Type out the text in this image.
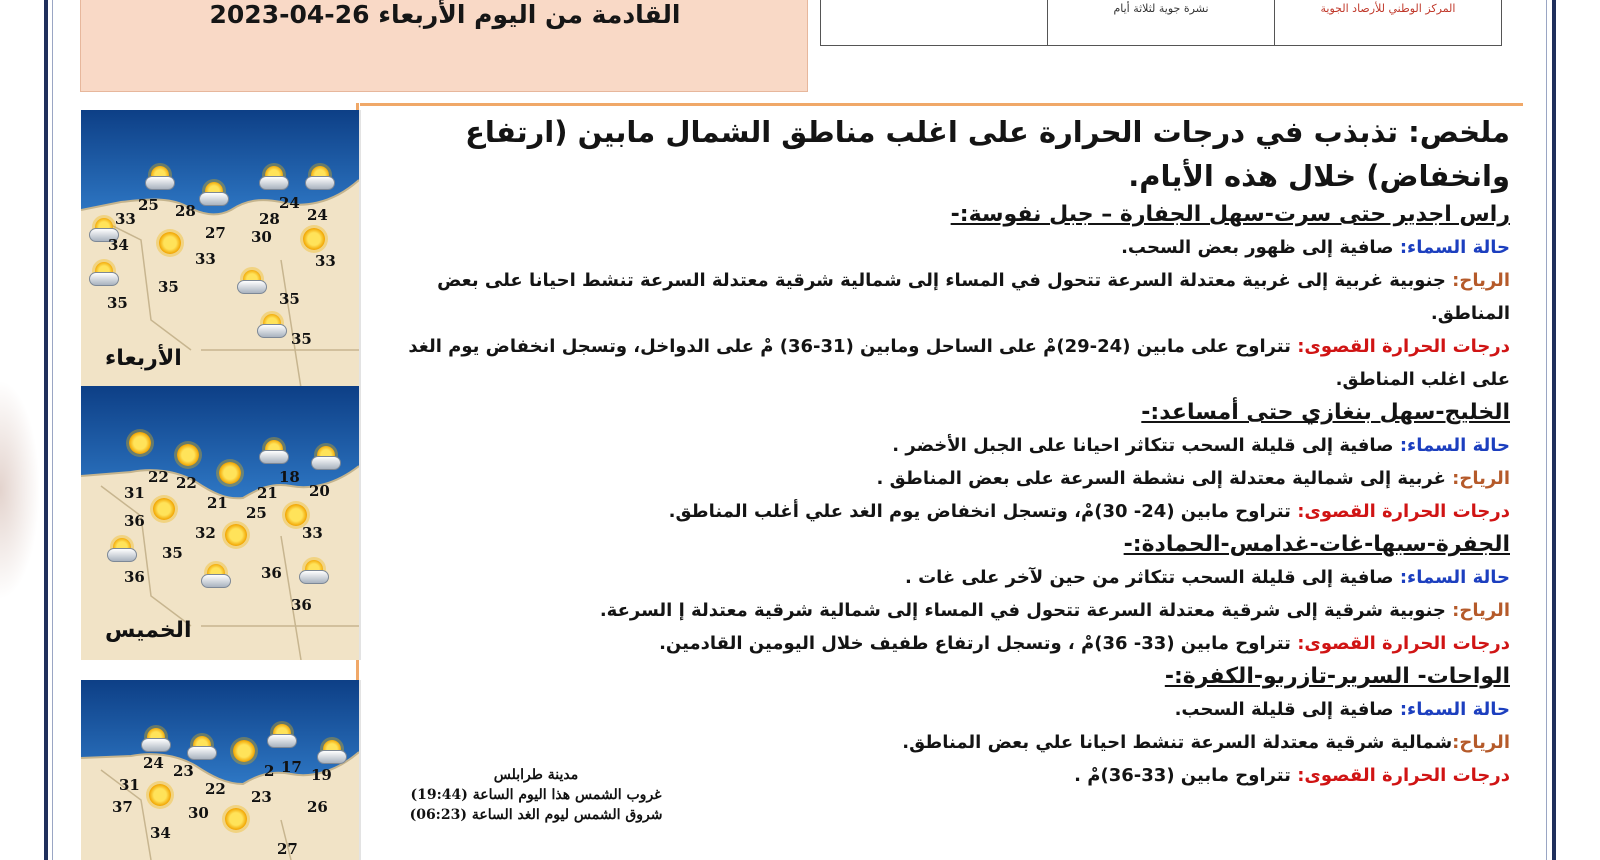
القادمة من اليوم الأربعاء 26-04-2023	نشرة جوية لثلاثة أيام	المركز الوطني للأرصاد الجوية
25 28	24
24
33	28
34
27 30
33	33
35
35	35
35
الأربعاء
22 22	18
20
31	21
21
36	25
33
32
35
36	36
36
الخميس
24 23	2 17 19
31	22 23
37	26
30
34
27

ملخص: تذبذب في درجات الحرارة على اغلب مناطق الشمال مابين (ارتفاع وانخفاض) خلال هذه الأيام.

راس اجدير حتى سرت-سهل الجفارة – جبل نفوسة:-

حالة السماء: صافية إلى ظهور بعض السحب.

الرياح: جنوبية غربية إلى غربية معتدلة السرعة تتحول في المساء إلى شمالية شرقية معتدلة السرعة تنشط احيانا على بعض المناطق.

درجات الحرارة القصوى: تتراوح على مابين (24-29)مْ على الساحل ومابين (31-36) مْ على الدواخل، وتسجل انخفاض يوم الغد على اغلب المناطق.

الخليج-سهل بنغازي حتى أمساعد:-

حالة السماء: صافية إلى قليلة السحب تتكاثر احيانا على الجبل الأخضر .

الرياح: غربية إلى شمالية معتدلة إلى نشطة السرعة على بعض المناطق .

درجات الحرارة القصوى: تتراوح مابين (24- 30)مْ، وتسجل انخفاض يوم الغد علي أغلب المناطق.

الجفرة-سبها-غات-غدامس-الحمادة:-

حالة السماء: صافية إلى قليلة السحب تتكاثر من حين لآخر على غات .

الرياح: جنوبية شرقية إلى شرقية معتدلة السرعة تتحول في المساء إلى شمالية شرقية معتدلة إ السرعة.

درجات الحرارة القصوى: تتراوح مابين (33- 36)مْ ، وتسجل ارتفاع طفيف خلال اليومين القادمين.

الواحات- السرير-تازربو-الكفرة:-

حالة السماء: صافية إلى قليلة السحب.

الرياح:شمالية شرقية معتدلة السرعة تنشط احيانا علي بعض المناطق.

درجات الحرارة القصوى: تتراوح مابين (33-36)مْ .

مدينة طرابلس
غروب الشمس هذا اليوم الساعة (19:44)
شروق الشمس ليوم الغد الساعة (06:23)
